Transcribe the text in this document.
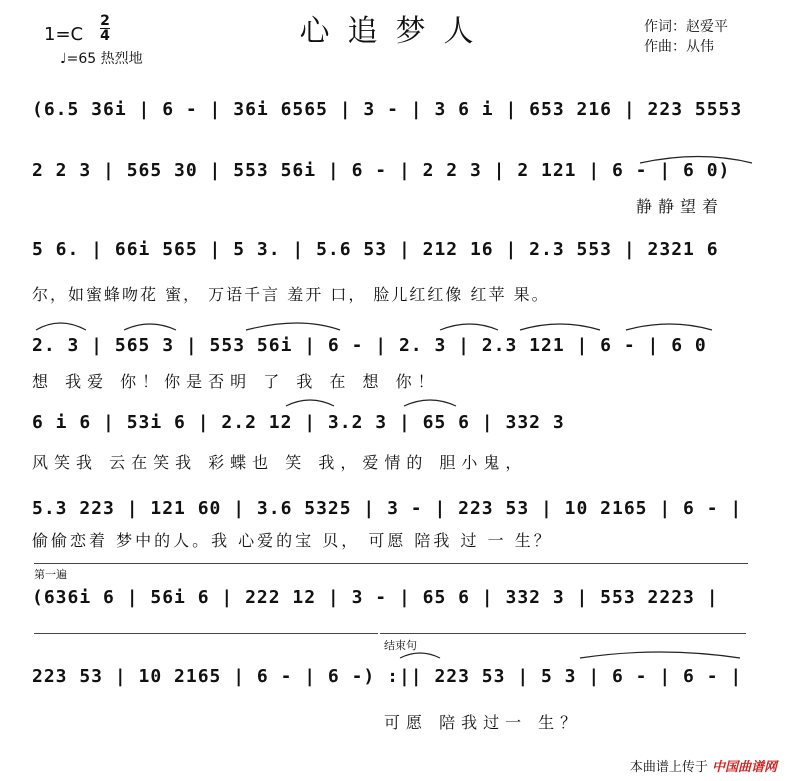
心追梦人
1=C
2
4
♩=65 热烈地
作词：赵爱平
作曲：从伟
(6.5 36i | 6 - | 36i 6565 | 3 - | 3 6 i | 653 216 | 223 5553
2 2 3 | 565 30 | 553 56i | 6 - | 2 2 3 | 2 121 | 6 - | 6 0)
静静望着
5 6. | 66i 565 | 5 3. | 5.6 53 | 212 16 | 2.3 553 | 2321 6
尔，如蜜蜂吻花 蜜， 万语千言 羞开 口， 脸儿红红像 红苹 果。
2. 3 | 565 3 | 553 56i | 6 - | 2. 3 | 2.3 121 | 6 - | 6 0
想 我爱 你！你是否明 了 我 在 想 你！
6 i 6 | 53i 6 | 2.2 12 | 3.2 3 | 65 6 | 332 3
风笑我 云在笑我 彩蝶也 笑 我，爱情的 胆小鬼，
5.3 223 | 121 60 | 3.6 5325 | 3 - | 223 53 | 10 2165 | 6 - |
偷偷恋着 梦中的人。我 心爱的宝 贝， 可愿 陪我 过 一 生？
第一遍
(636i 6 | 56i 6 | 222 12 | 3 - | 65 6 | 332 3 | 553 2223 |
结束句
223 53 | 10 2165 | 6 - | 6 -) :|| 223 53 | 5 3 | 6 - | 6 - |
可愿 陪我过一 生？
本曲谱上传于 中国曲谱网
